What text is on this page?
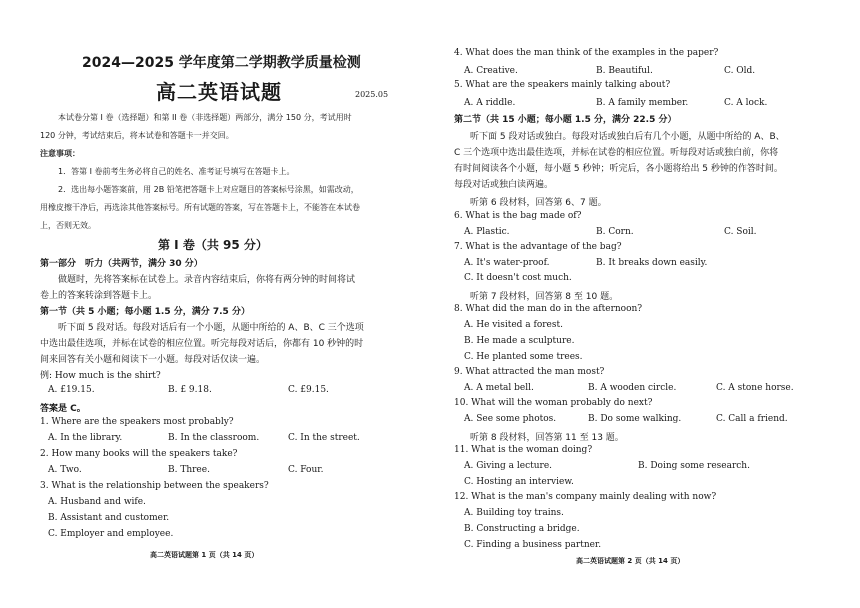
2024—2025 学年度第二学期教学质量检测
高二英语试题	2025.05
本试卷分第 I 卷（选择题）和第 II 卷（非选择题）两部分，满分 150 分，考试用时
120 分钟，考试结束后，将本试卷和答题卡一并交回。
注意事项：
1．答第 I 卷前考生务必将自己的姓名、准考证号填写在答题卡上。
2．选出每小题答案前，用 2B 铅笔把答题卡上对应题目的答案标号涂黑，如需改动，
用橡皮擦干净后，再选涂其他答案标号。所有试题的答案，写在答题卡上，不能答在本试卷
上，否则无效。
第 I 卷（共 95 分）
第一部分　听力（共两节，满分 30 分）
做题时，先将答案标在试卷上。录音内容结束后，你将有两分钟的时间将试
卷上的答案转涂到答题卡上。
第一节（共 5 小题；每小题 1.5 分，满分 7.5 分）
听下面 5 段对话。每段对话后有一个小题，从题中所给的 A、B、C 三个选项
中选出最佳选项，并标在试卷的相应位置。听完每段对话后，你都有 10 秒钟的时
间来回答有关小题和阅读下一小题。每段对话仅读一遍。
例: How much is the shirt?
A. £19.15.	B. £ 9.18.	C. £9.15.
答案是 C。
1. Where are the speakers most probably?
A. In the library.	B. In the classroom.	C. In the street.
2. How many books will the speakers take?
A. Two.	B. Three.	C. Four.
3. What is the relationship between the speakers?
A. Husband and wife.
B. Assistant and customer.
C. Employer and employee.
高二英语试题第 1 页（共 14 页）
4. What does the man think of the examples in the paper?
A. Creative.	B. Beautiful.	C. Old.
5. What are the speakers mainly talking about?
A. A riddle.	B. A family member.	C. A lock.
第二节（共 15 小题；每小题 1.5 分，满分 22.5 分）
听下面 5 段对话或独白。每段对话或独白后有几个小题，从题中所给的 A、B、
C 三个选项中选出最佳选项，并标在试卷的相应位置。听每段对话或独白前，你将
有时间阅读各个小题，每小题 5 秒钟；听完后，各小题将给出 5 秒钟的作答时间。
每段对话或独白读两遍。
听第 6 段材料，回答第 6、7 题。
6. What is the bag made of?
A. Plastic.	B. Corn.	C. Soil.
7. What is the advantage of the bag?
A. It's water-proof.	B. It breaks down easily.
C. It doesn't cost much.
听第 7 段材料，回答第 8 至 10 题。
8. What did the man do in the afternoon?
A. He visited a forest.
B. He made a sculpture.
C. He planted some trees.
9. What attracted the man most?
A. A metal bell.	B. A wooden circle.	C. A stone horse.
10. What will the woman probably do next?
A. See some photos.	B. Do some walking.	C. Call a friend.
听第 8 段材料，回答第 11 至 13 题。
11. What is the woman doing?
A. Giving a lecture.	B. Doing some research.
C. Hosting an interview.
12. What is the man's company mainly dealing with now?
A. Building toy trains.
B. Constructing a bridge.
C. Finding a business partner.
高二英语试题第 2 页（共 14 页）
